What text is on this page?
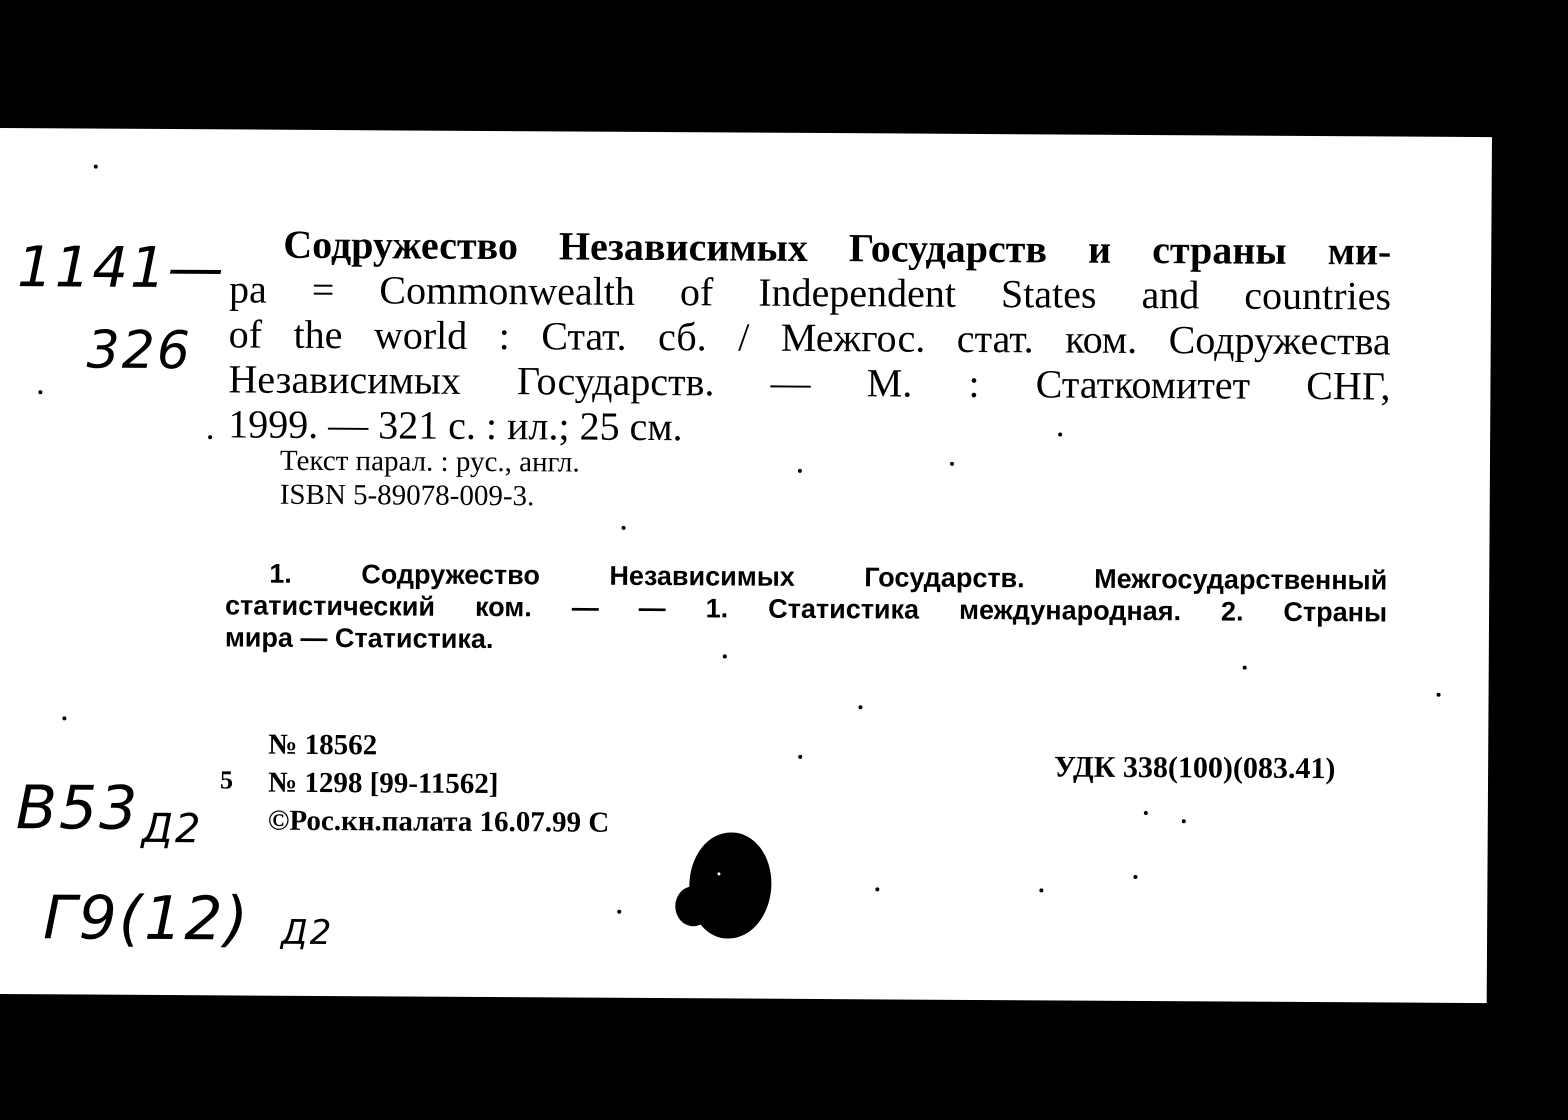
1141—
326
Содружество Независимых Государств и страны ми-
ра = Commonwealth of Independent States and countries
of the world : Стат. сб. / Межгос. стат. ком. Содружества
Независимых Государств. — М. : Статкомитет СНГ,
1999. — 321 с. : ил.; 25 см.
Текст парал. : рус., англ.
ISBN 5-89078-009-3.
1. Содружество Независимых Государств. Межгосударственный
статистический ком. — — 1. Статистика международная. 2. Страны
мира — Статистика.
5
№ 18562
№ 1298 [99-11562]
©Рос.кн.палата 16.07.99 С
УДК 338(100)(083.41)
В53 Д2
Г9(12) Д2
